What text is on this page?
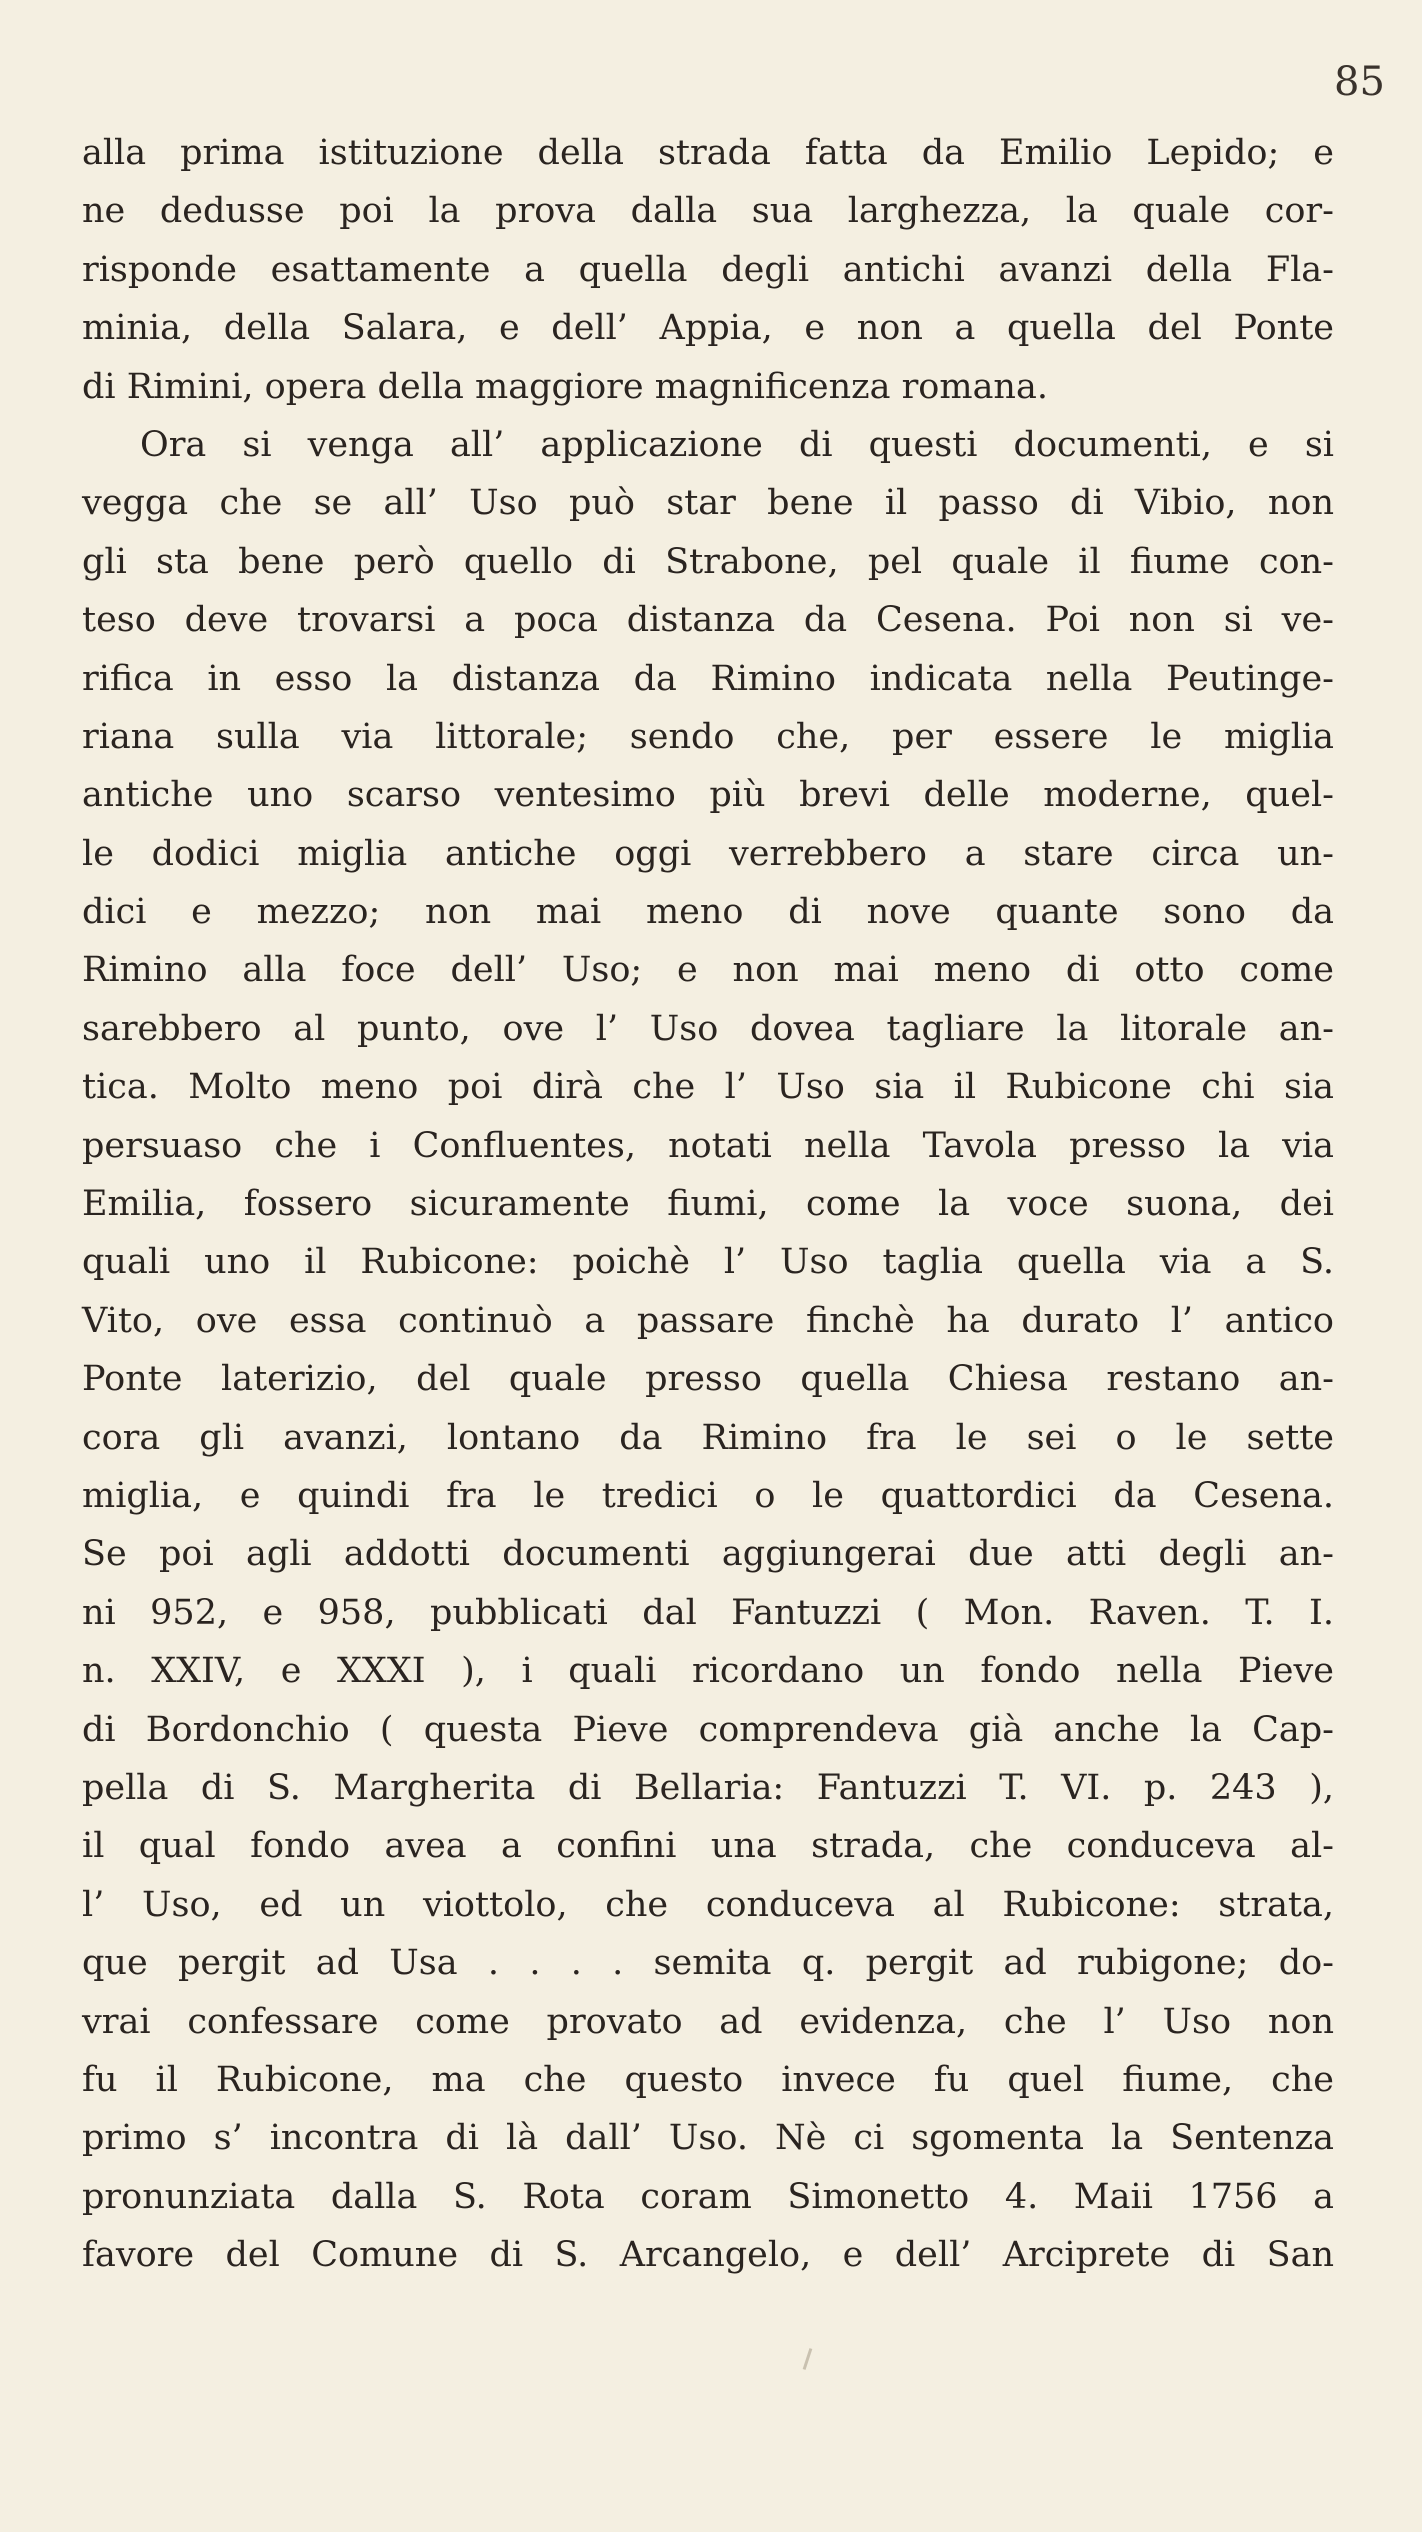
85
alla prima istituzione della strada fatta da Emilio Lepido; e
ne dedusse poi la prova dalla sua larghezza, la quale cor-
risponde esattamente a quella degli antichi avanzi della Fla-
minia, della Salara, e dell’ Appia, e non a quella del Ponte
di Rimini, opera della maggiore magnificenza romana.
Ora si venga all’ applicazione di questi documenti, e si
vegga che se all’ Uso può star bene il passo di Vibio, non
gli sta bene però quello di Strabone, pel quale il fiume con-
teso deve trovarsi a poca distanza da Cesena. Poi non si ve-
rifica in esso la distanza da Rimino indicata nella Peutinge-
riana sulla via littorale; sendo che, per essere le miglia
antiche uno scarso ventesimo più brevi delle moderne, quel-
le dodici miglia antiche oggi verrebbero a stare circa un-
dici e mezzo; non mai meno di nove quante sono da
Rimino alla foce dell’ Uso; e non mai meno di otto come
sarebbero al punto, ove l’ Uso dovea tagliare la litorale an-
tica. Molto meno poi dirà che l’ Uso sia il Rubicone chi sia
persuaso che i Confluentes, notati nella Tavola presso la via
Emilia, fossero sicuramente fiumi, come la voce suona, dei
quali uno il Rubicone: poichè l’ Uso taglia quella via a S.
Vito, ove essa continuò a passare finchè ha durato l’ antico
Ponte laterizio, del quale presso quella Chiesa restano an-
cora gli avanzi, lontano da Rimino fra le sei o le sette
miglia, e quindi fra le tredici o le quattordici da Cesena.
Se poi agli addotti documenti aggiungerai due atti degli an-
ni 952, e 958, pubblicati dal Fantuzzi ( Mon. Raven. T. I.
n. XXIV, e XXXI ), i quali ricordano un fondo nella Pieve
di Bordonchio ( questa Pieve comprendeva già anche la Cap-
pella di S. Margherita di Bellaria: Fantuzzi T. VI. p. 243 ),
il qual fondo avea a confini una strada, che conduceva al-
l’ Uso, ed un viottolo, che conduceva al Rubicone: strata,
que pergit ad Usa . . . . semita q. pergit ad rubigone; do-
vrai confessare come provato ad evidenza, che l’ Uso non
fu il Rubicone, ma che questo invece fu quel fiume, che
primo s’ incontra di là dall’ Uso. Nè ci sgomenta la Sentenza
pronunziata dalla S. Rota coram Simonetto 4. Maii 1756 a
favore del Comune di S. Arcangelo, e dell’ Arciprete di San
